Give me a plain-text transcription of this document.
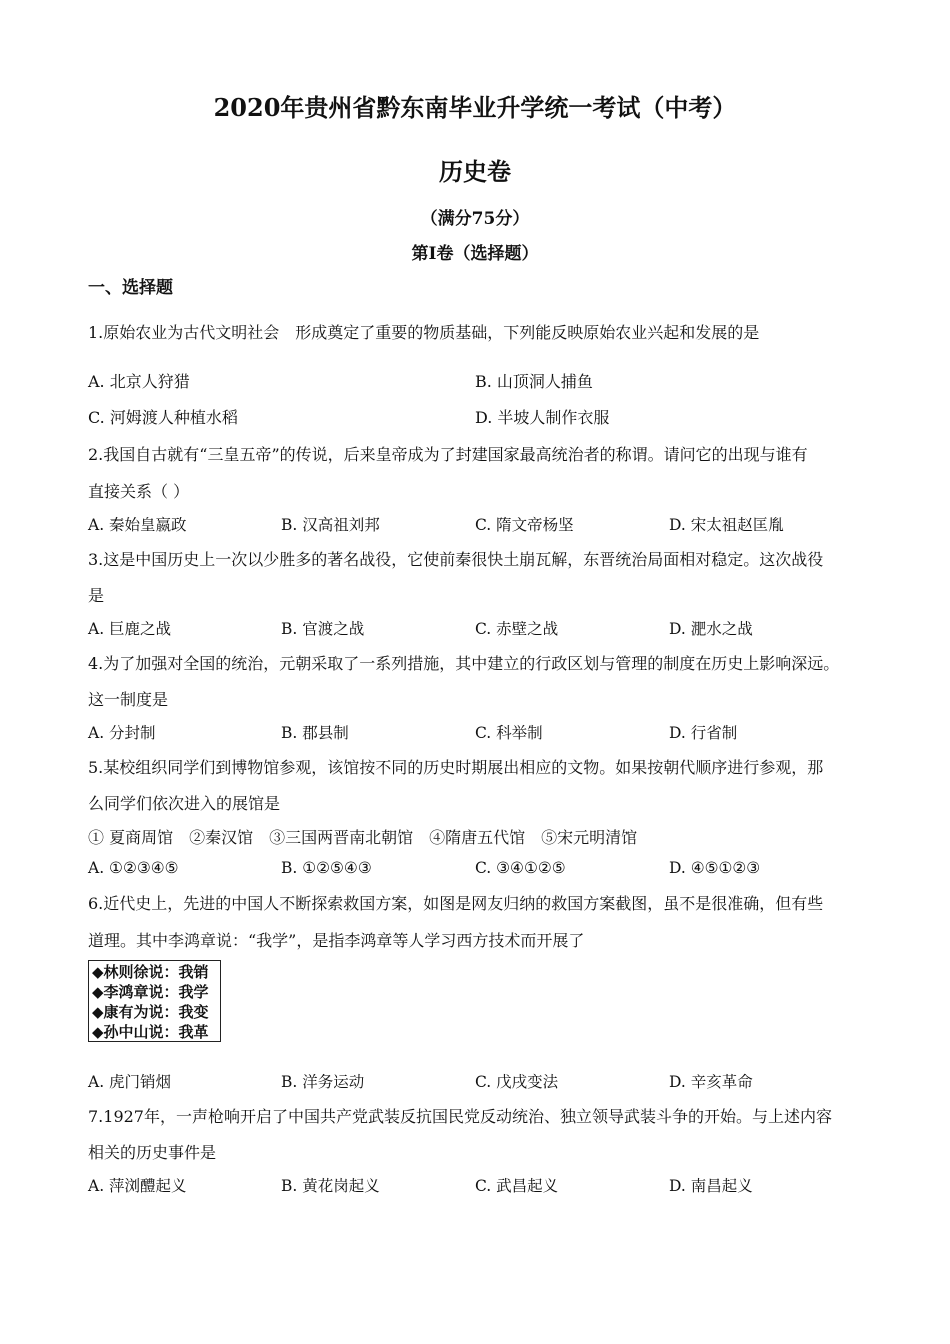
2020年贵州省黔东南毕业升学统一考试（中考）
历史卷
（满分75分）
第Ⅰ卷（选择题）
一、选择题
1.原始农业为古代文明社会　形成奠定了重要的物质基础，下列能反映原始农业兴起和发展的是
A. 北京人狩猎	B. 山顶洞人捕鱼
C. 河姆渡人种植水稻	D. 半坡人制作衣服
2.我国自古就有“三皇五帝”的传说，后来皇帝成为了封建国家最高统治者的称谓。请问它的出现与谁有
直接关系（ ）
A. 秦始皇嬴政	B. 汉高祖刘邦	C. 隋文帝杨坚	D. 宋太祖赵匡胤
3.这是中国历史上一次以少胜多的著名战役，它使前秦很快土崩瓦解，东晋统治局面相对稳定。这次战役
是
A. 巨鹿之战	B. 官渡之战	C. 赤壁之战	D. 淝水之战
4.为了加强对全国的统治，元朝采取了一系列措施，其中建立的行政区划与管理的制度在历史上影响深远。
这一制度是
A. 分封制	B. 郡县制	C. 科举制	D. 行省制
5.某校组织同学们到博物馆参观，该馆按不同的历史时期展出相应的文物。如果按朝代顺序进行参观，那
么同学们依次进入的展馆是
① 夏商周馆　②秦汉馆　③三国两晋南北朝馆　④隋唐五代馆　⑤宋元明清馆
A. ①②③④⑤	B. ①②⑤④③	C. ③④①②⑤	D. ④⑤①②③
6.近代史上，先进的中国人不断探索救国方案，如图是网友归纳的救国方案截图，虽不是很准确，但有些
道理。其中李鸿章说：“我学”，是指李鸿章等人学习西方技术而开展了
◆林则徐说：我销
◆李鸿章说：我学
◆康有为说：我变
◆孙中山说：我革
A. 虎门销烟	B. 洋务运动	C. 戊戌变法	D. 辛亥革命
7.1927年，一声枪响开启了中国共产党武装反抗国民党反动统治、独立领导武装斗争的开始。与上述内容
相关的历史事件是
A. 萍浏醴起义	B. 黄花岗起义	C. 武昌起义	D. 南昌起义
